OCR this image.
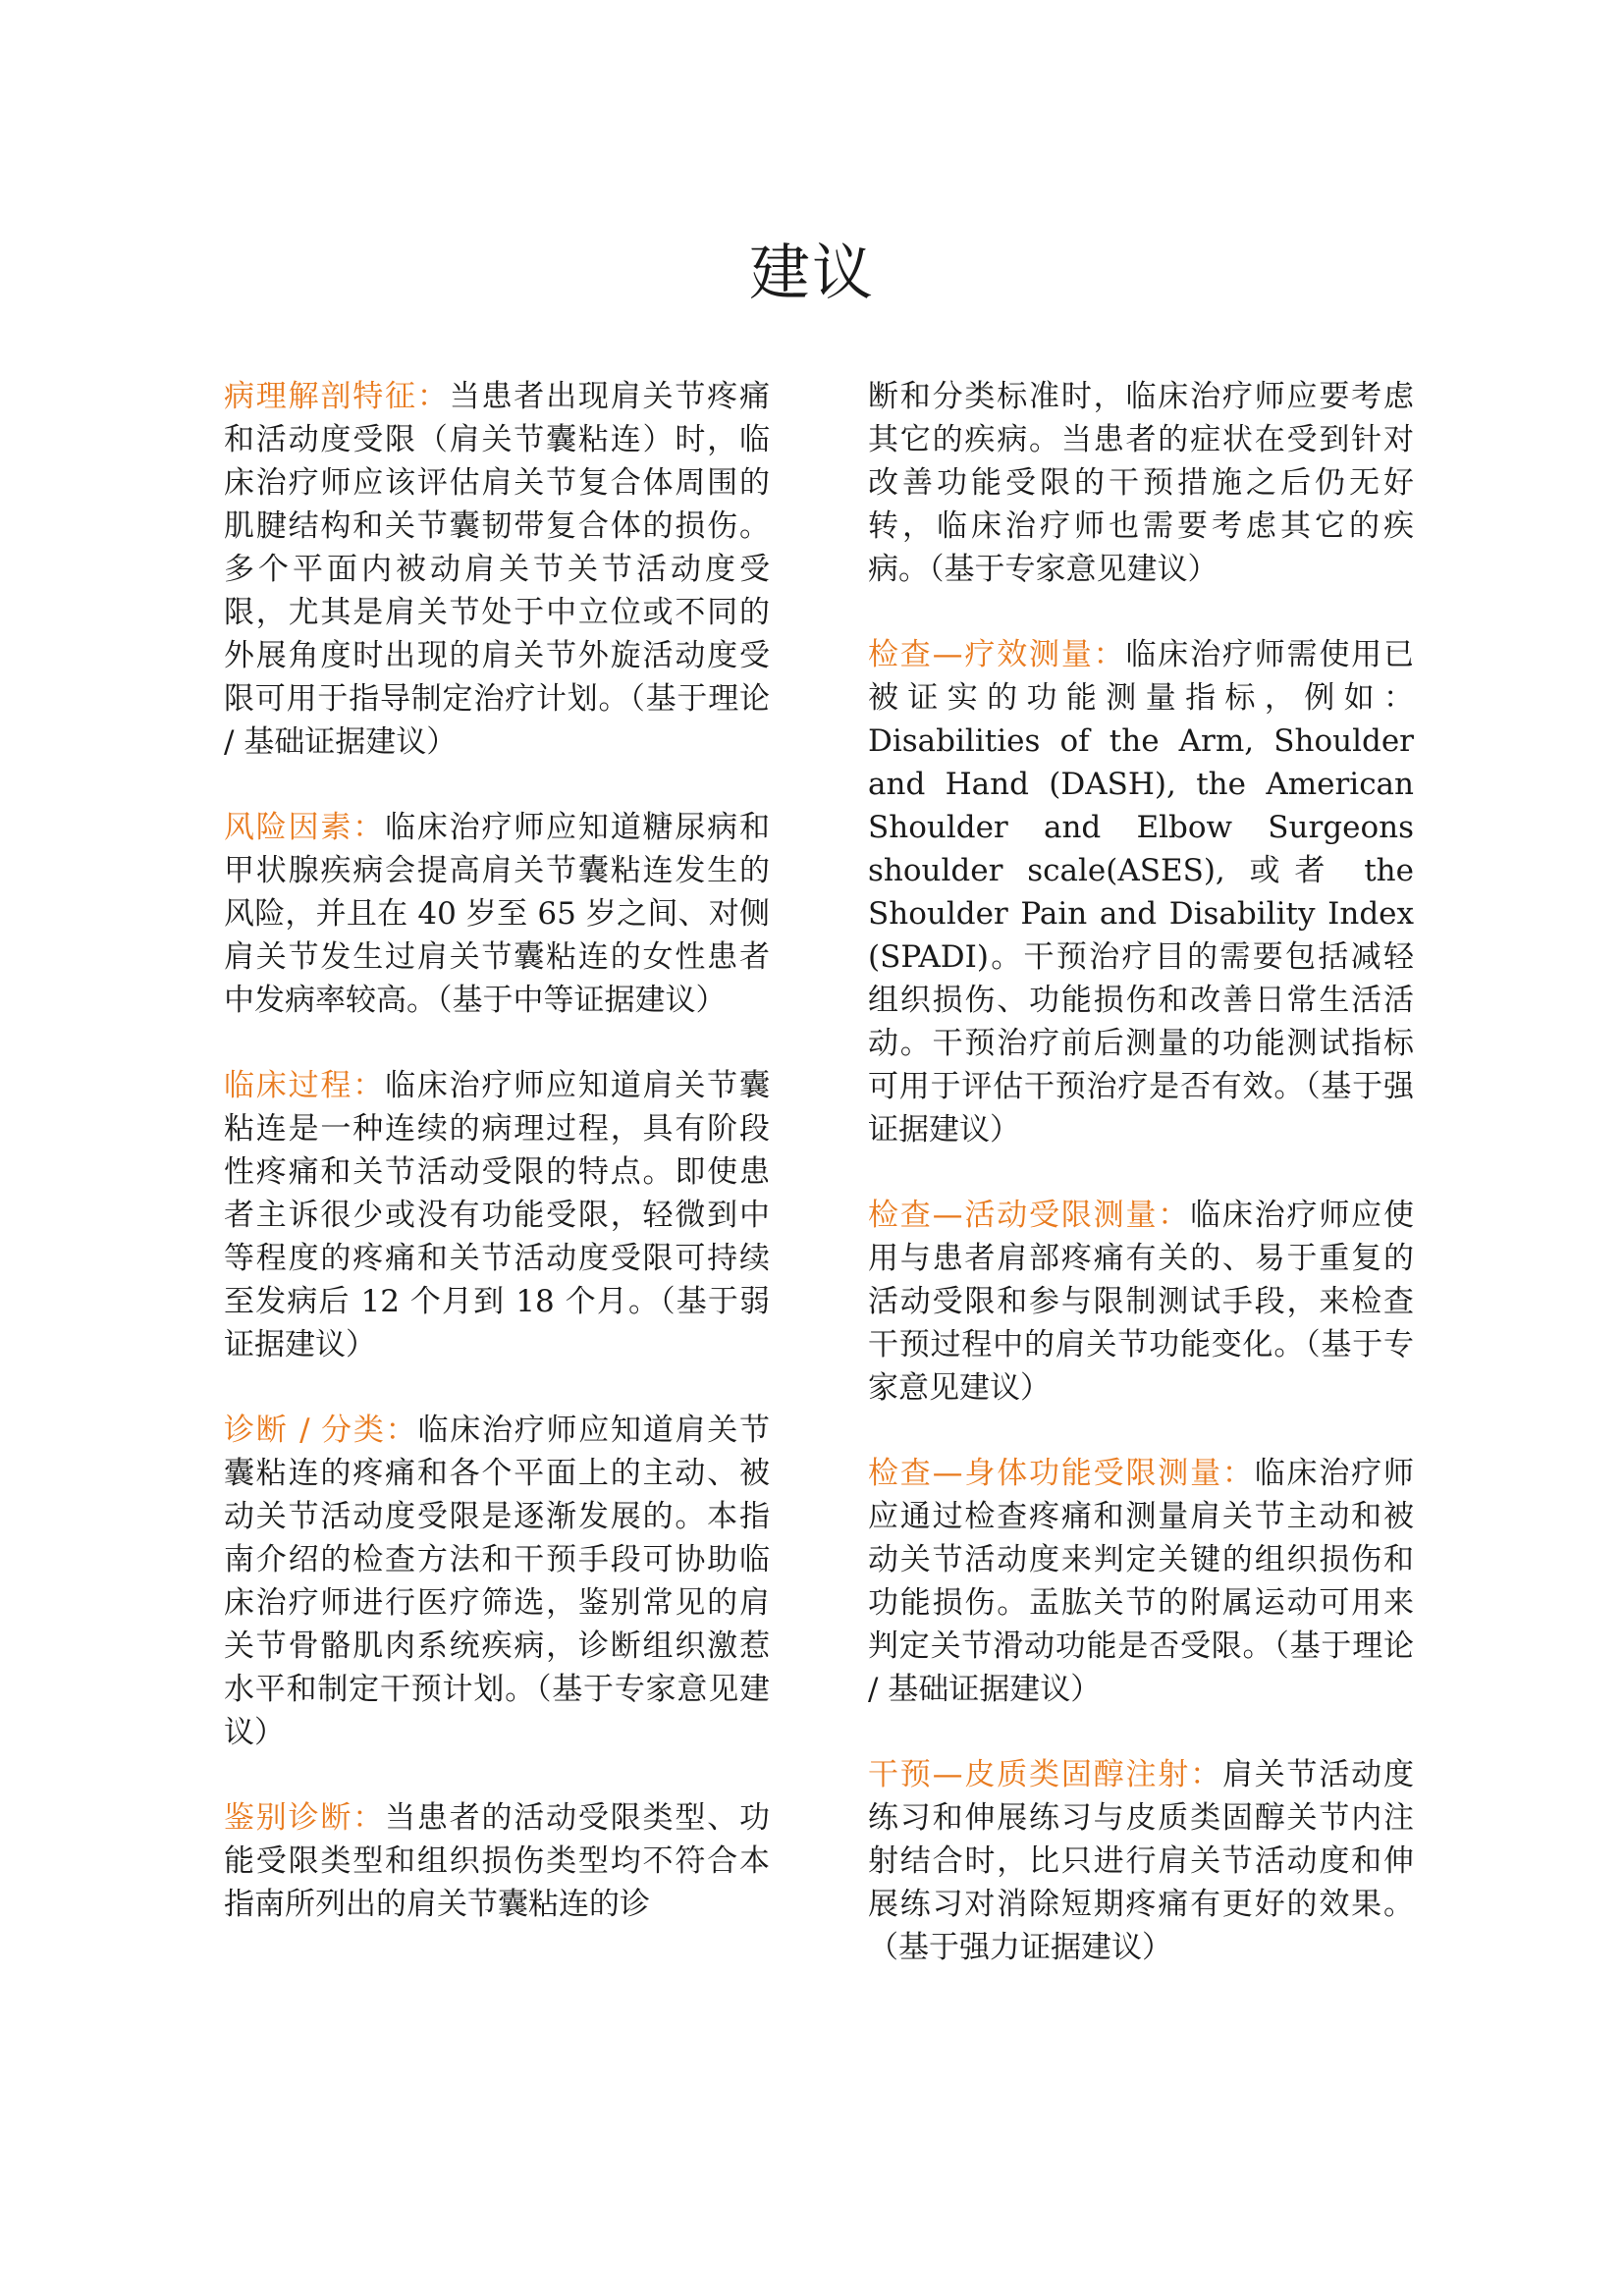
建议

病理解剖特征：当患者出现肩关节疼痛和活动度受限（肩关节囊粘连）时，临床治疗师应该评估肩关节复合体周围的肌腱结构和关节囊韧带复合体的损伤。多个平面内被动肩关节关节活动度受限，尤其是肩关节处于中立位或不同的外展角度时出现的肩关节外旋活动度受限可用于指导制定治疗计划。（基于理论 / 基础证据建议）

风险因素：临床治疗师应知道糖尿病和甲状腺疾病会提高肩关节囊粘连发生的风险，并且在 40 岁至 65 岁之间、对侧肩关节发生过肩关节囊粘连的女性患者中发病率较高。（基于中等证据建议）

临床过程：临床治疗师应知道肩关节囊粘连是一种连续的病理过程，具有阶段性疼痛和关节活动受限的特点。即使患者主诉很少或没有功能受限，轻微到中等程度的疼痛和关节活动度受限可持续至发病后 12 个月到 18 个月。（基于弱证据建议）

诊断 / 分类：临床治疗师应知道肩关节囊粘连的疼痛和各个平面上的主动、被动关节活动度受限是逐渐发展的。本指南介绍的检查方法和干预手段可协助临床治疗师进行医疗筛选，鉴别常见的肩关节骨骼肌肉系统疾病，诊断组织激惹水平和制定干预计划。（基于专家意见建议）

鉴别诊断：当患者的活动受限类型、功能受限类型和组织损伤类型均不符合本指南所列出的肩关节囊粘连的诊

断和分类标准时，临床治疗师应要考虑其它的疾病。当患者的症状在受到针对改善功能受限的干预措施之后仍无好转，临床治疗师也需要考虑其它的疾病。（基于专家意见建议）

检查—疗效测量：临床治疗师需使用已被证实的功能测量指标，例如：Disabilities of the Arm, Shoulder and Hand (DASH), the American Shoulder and Elbow Surgeons shoulder scale(ASES), 或者 the Shoulder Pain and Disability Index (SPADI)。干预治疗目的需要包括减轻组织损伤、功能损伤和改善日常生活活动。干预治疗前后测量的功能测试指标可用于评估干预治疗是否有效。（基于强证据建议）

检查—活动受限测量：临床治疗师应使用与患者肩部疼痛有关的、易于重复的活动受限和参与限制测试手段，来检查干预过程中的肩关节功能变化。（基于专家意见建议）

检查—身体功能受限测量：临床治疗师应通过检查疼痛和测量肩关节主动和被动关节活动度来判定关键的组织损伤和功能损伤。盂肱关节的附属运动可用来判定关节滑动功能是否受限。（基于理论 / 基础证据建议）

干预—皮质类固醇注射：肩关节活动度练习和伸展练习与皮质类固醇关节内注射结合时，比只进行肩关节活动度和伸展练习对消除短期疼痛有更好的效果。（基于强力证据建议）
